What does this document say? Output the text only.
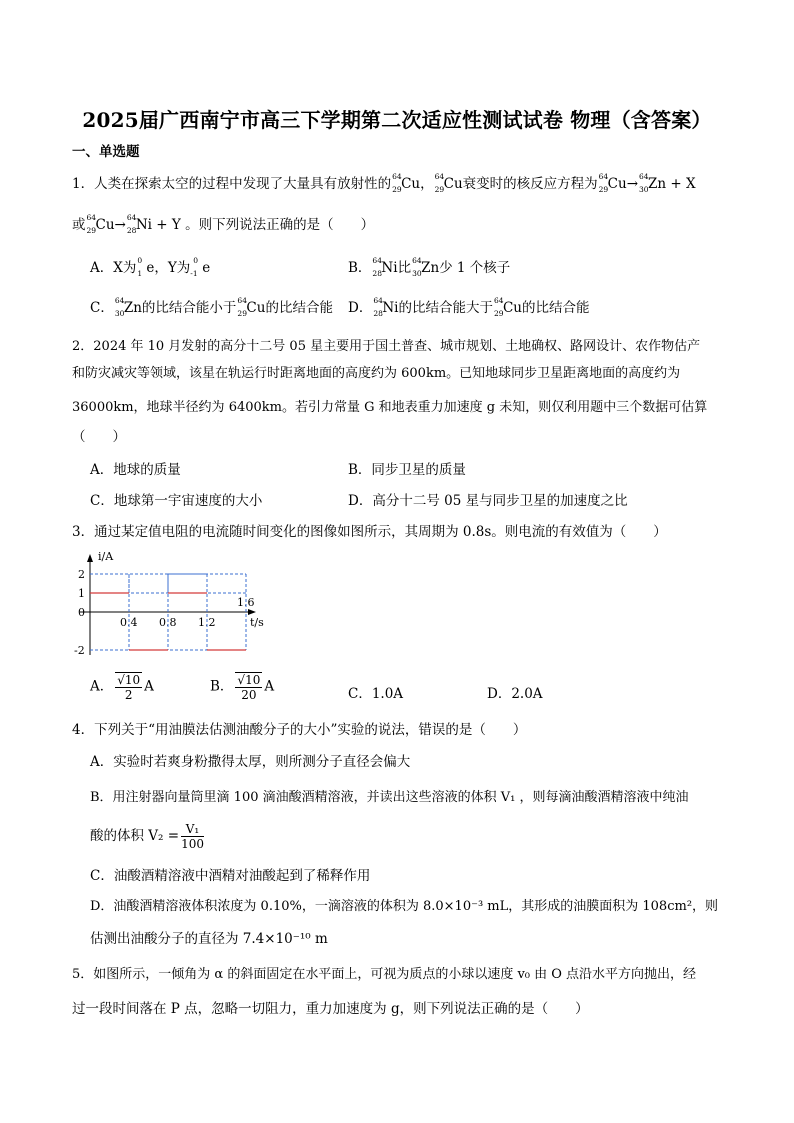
2025届广西南宁市高三下学期第二次适应性测试试卷 物理（含答案）
一、单选题
1．人类在探索太空的过程中发现了大量具有放射性的 64
29 Cu， 64
29 Cu衰变时的核反应方程为 64
29 Cu→ 64
30 Zn + X
或 64
29 Cu→ 64
28 Ni + Y 。则下列说法正确的是（　　）
A．X为 0
1 e，Y为 0
-1 e	B． 64
28 Ni比 64
30 Zn少 1 个核子
C． 64
30 Zn的比结合能小于 64
29 Cu的比结合能 D． 64
28 Ni的比结合能大于 64
29 Cu的比结合能
2．2024 年 10 月发射的高分十二号 05 星主要用于国土普查、城市规划、土地确权、路网设计、农作物估产
和防灾减灾等领域，该星在轨运行时距离地面的高度约为 600km。已知地球同步卫星距离地面的高度约为
36000km，地球半径约为 6400km。若引力常量 G 和地表重力加速度 g 未知，则仅利用题中三个数据可估算
（　　）
A．地球的质量	B．同步卫星的质量
C．地球第一宇宙速度的大小	D．高分十二号 05 星与同步卫星的加速度之比
3．通过某定值电阻的电流随时间变化的图像如图所示，其周期为 0.8s。则电流的有效值为（　　）
i/A
t/s
2
1
0
-2
0.4 0.8 1.2
1.6
A． $\frac{√10}{2}$ A	B． $\frac{√10}{20}$ A	C．1.0A	D．2.0A
4．下列关于“用油膜法估测油酸分子的大小”实验的说法，错误的是（　　）
A．实验时若爽身粉撒得太厚，则所测分子直径会偏大
B．用注射器向量筒里滴 100 滴油酸酒精溶液，并读出这些溶液的体积 V₁ ，则每滴油酸酒精溶液中纯油
酸的体积 $V_2 = \frac{\text{V₁}}{100}$
C．油酸酒精溶液中酒精对油酸起到了稀释作用
D．油酸酒精溶液体积浓度为 0.10%，一滴溶液的体积为 8.0×10⁻³ mL，其形成的油膜面积为 108cm²，则
估测出油酸分子的直径为 7.4×10⁻¹⁰ m
5．如图所示，一倾角为 α 的斜面固定在水平面上，可视为质点的小球以速度 v₀ 由 O 点沿水平方向抛出，经
过一段时间落在 P 点，忽略一切阻力，重力加速度为 g，则下列说法正确的是（　　）
